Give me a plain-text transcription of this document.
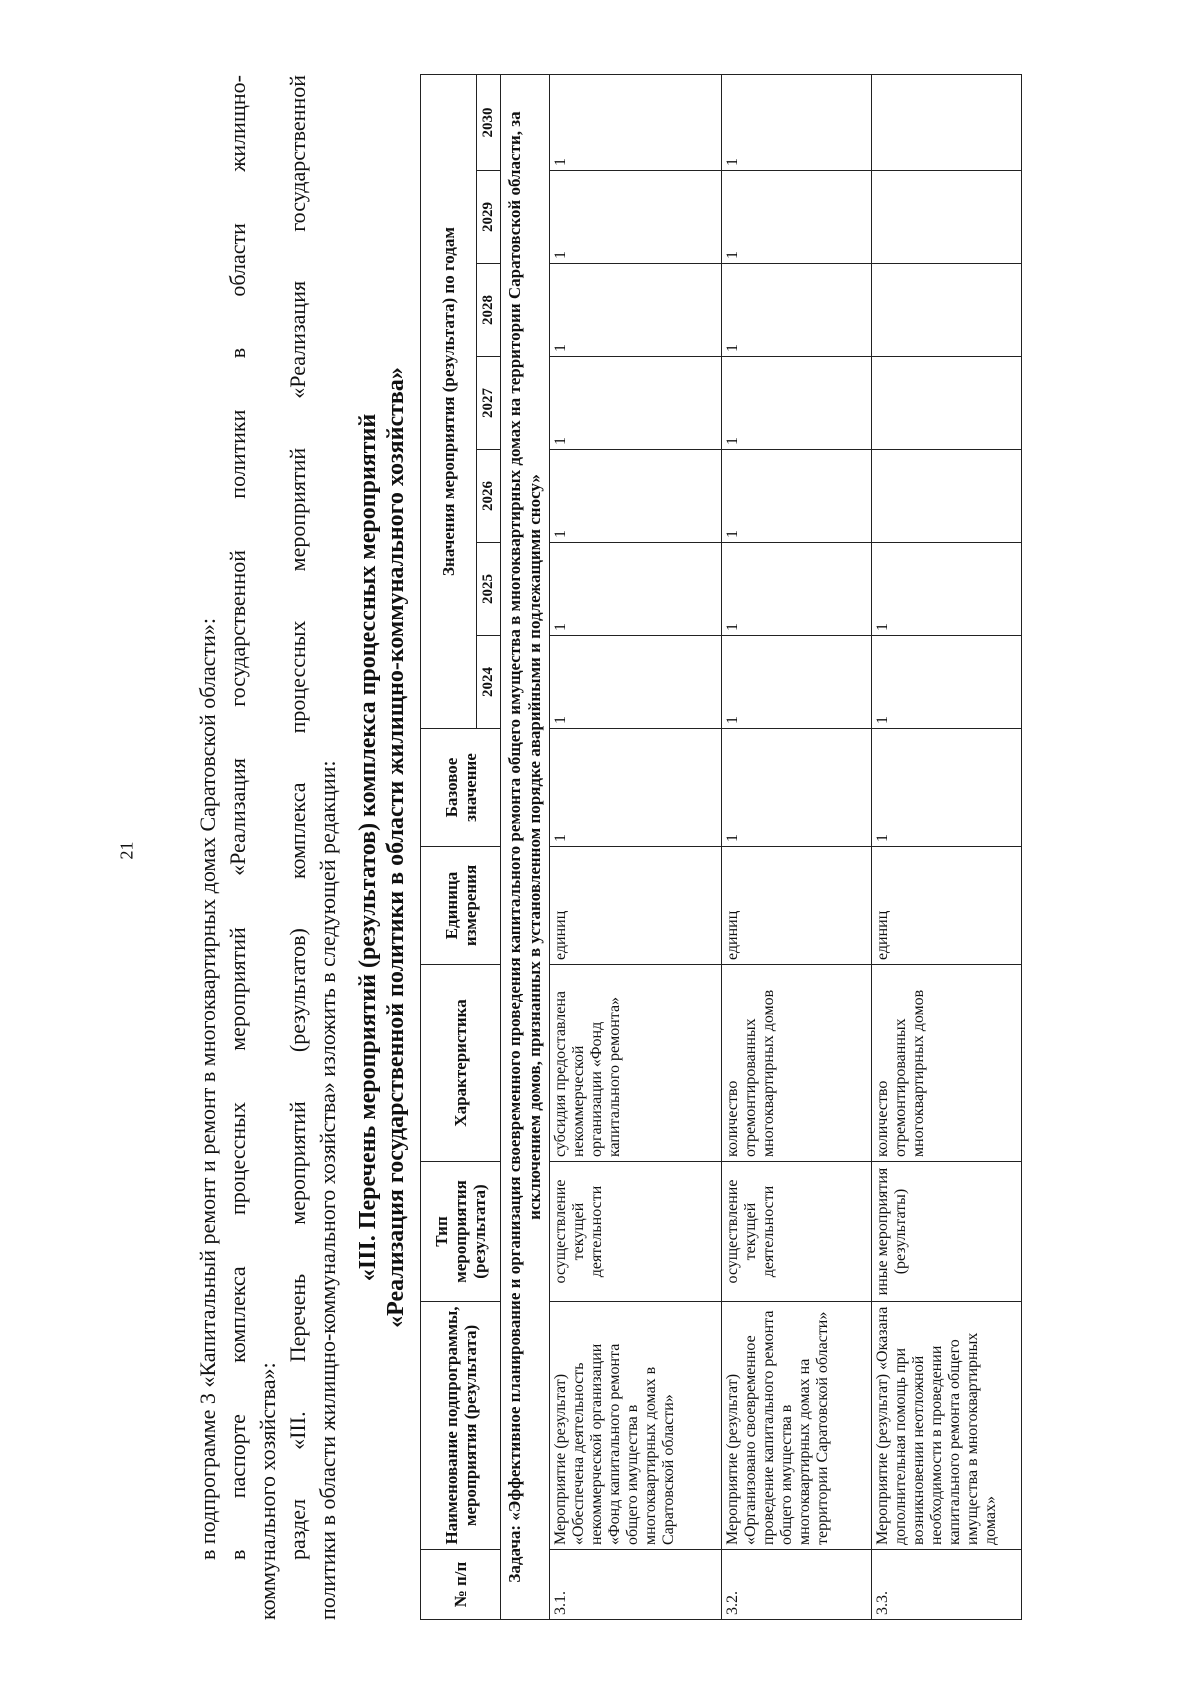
21	в подпрограмме 3 «Капитальный ремонт и ремонт в многоквартирных домах Саратовской области»: в паспорте комплекса процессных мероприятий «Реализация государственной политики в области жилищно- коммунального хозяйства»: раздел «III. Перечень мероприятий (результатов) комплекса процессных мероприятий «Реализация государственной политики в области жилищно-коммунального хозяйства» изложить в следующей редакции: «III. Перечень мероприятий (результатов) комплекса процессных мероприятий «Реализация государственной политики в области жилищно-коммунального хозяйства»
№ п/п	Наименование подпрограммы, мероприятия (результата)	Тип мероприятия (результата)	Характеристика	Единица измерения	Базовое значение	Значения мероприятия (результата) по годам						
						2024	2025	2026	2027	2028	2029	2030
Задача: «Эффективное планирование и организация своевременного проведения капитального ремонта общего имущества в многоквартирных домах на территории Саратовской области, за исключением домов, признанных в установленном порядке аварийными и подлежащими сносу»												
3.1.	Мероприятие (результат) «Обеспечена деятельность некоммерческой организации «Фонд капитального ремонта общего имущества в многоквартирных домах в Саратовской области»	осуществление текущей деятельности	субсидия предоставлена некоммерческой организации «Фонд капитального ремонта»	единиц	1	1	1	1	1	1	1	1
3.2.	Мероприятие (результат) «Организовано своевременное проведение капитального ремонта общего имущества в многоквартирных домах на территории Саратовской области»	осуществление текущей деятельности	количество отремонтированных многоквартирных домов	единиц	1	1	1	1	1	1	1	1
3.3.	Мероприятие (результат) «Оказана дополнительная помощь при возникновении неотложной необходимости в проведении капитального ремонта общего имущества в многоквартирных домах»	иные мероприятия (результаты)	количество отремонтированных многоквартирных домов	единиц	1	1	1					
